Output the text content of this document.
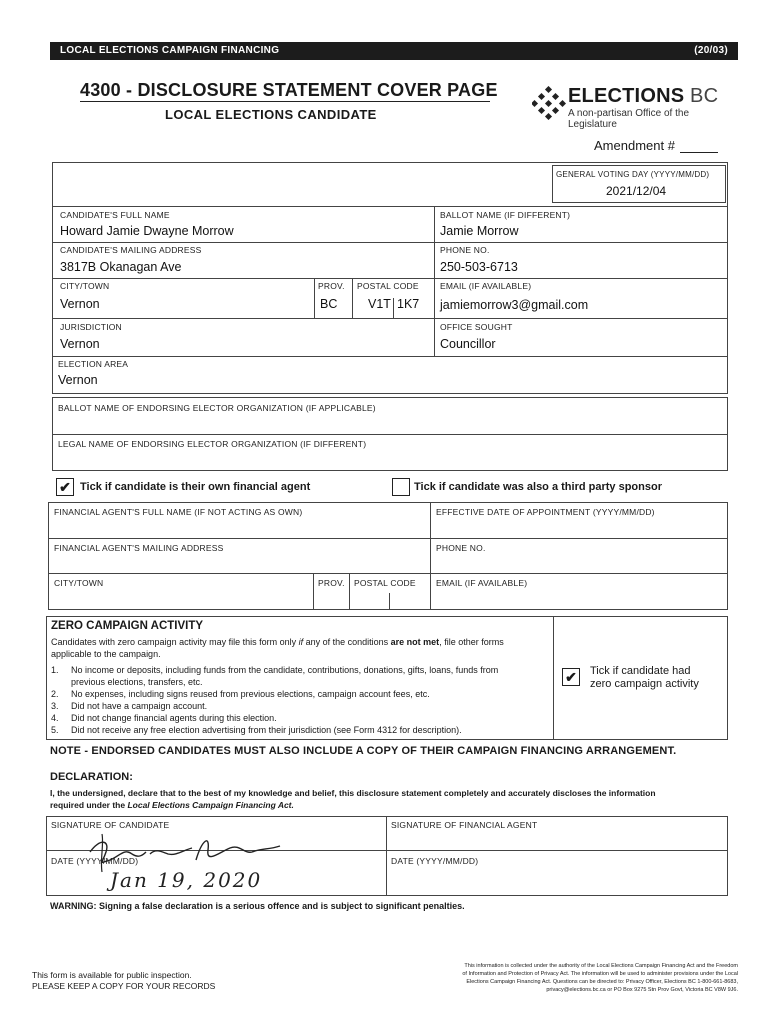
LOCAL ELECTIONS CAMPAIGN FINANCING	(20/03)
4300 - DISCLOSURE STATEMENT COVER PAGE
LOCAL ELECTIONS CANDIDATE
ELECTIONS BC
A non-partisan Office of the Legislature
Amendment #
GENERAL VOTING DAY (YYYY/MM/DD)
2021/12/04
CANDIDATE'S FULL NAME
Howard Jamie Dwayne Morrow
BALLOT NAME (IF DIFFERENT)
Jamie Morrow
CANDIDATE'S MAILING ADDRESS
3817B Okanagan Ave
PHONE NO.
250-503-6713
CITY/TOWN
Vernon
PROV.
BC
POSTAL CODE
V1T 1K7
EMAIL (IF AVAILABLE)
jamiemorrow3@gmail.com
JURISDICTION
Vernon
OFFICE SOUGHT
Councillor
ELECTION AREA
Vernon
BALLOT NAME OF ENDORSING ELECTOR ORGANIZATION (IF APPLICABLE)
LEGAL NAME OF ENDORSING ELECTOR ORGANIZATION (IF DIFFERENT)
✔ Tick if candidate is their own financial agent	Tick if candidate was also a third party sponsor
FINANCIAL AGENT'S FULL NAME (IF NOT ACTING AS OWN)	EFFECTIVE DATE OF APPOINTMENT (YYYY/MM/DD)
FINANCIAL AGENT'S MAILING ADDRESS	PHONE NO.
CITY/TOWN	PROV. POSTAL CODE EMAIL (IF AVAILABLE)
ZERO CAMPAIGN ACTIVITY
Candidates with zero campaign activity may file this form only if any of the conditions are not met, file other forms
applicable to the campaign.
1. No income or deposits, including funds from the candidate, contributions, donations, gifts, loans, funds from
previous elections, transfers, etc.
2. No expenses, including signs reused from previous elections, campaign account fees, etc.
3. Did not have a campaign account.
4. Did not change financial agents during this election.
5. Did not receive any free election advertising from their jurisdiction (see Form 4312 for description).
✔ Tick if candidate had
zero campaign activity
NOTE - ENDORSED CANDIDATES MUST ALSO INCLUDE A COPY OF THEIR CAMPAIGN FINANCING ARRANGEMENT.
DECLARATION:
I, the undersigned, declare that to the best of my knowledge and belief, this disclosure statement completely and accurately discloses the information
required under the Local Elections Campaign Financing Act.
SIGNATURE OF CANDIDATE	SIGNATURE OF FINANCIAL AGENT
DATE (YYYY/MM/DD)	DATE (YYYY/MM/DD)
Jan 19, 2020
WARNING: Signing a false declaration is a serious offence and is subject to significant penalties.
This form is available for public inspection.
PLEASE KEEP A COPY FOR YOUR RECORDS
This information is collected under the authority of the Local Elections Campaign Financing Act and the Freedom
of Information and Protection of Privacy Act. The information will be used to administer provisions under the Local
Elections Campaign Financing Act. Questions can be directed to: Privacy Officer, Elections BC 1-800-661-8683,
privacy@elections.bc.ca or PO Box 9275 Stn Prov Govt, Victoria BC V8W 9J6.
